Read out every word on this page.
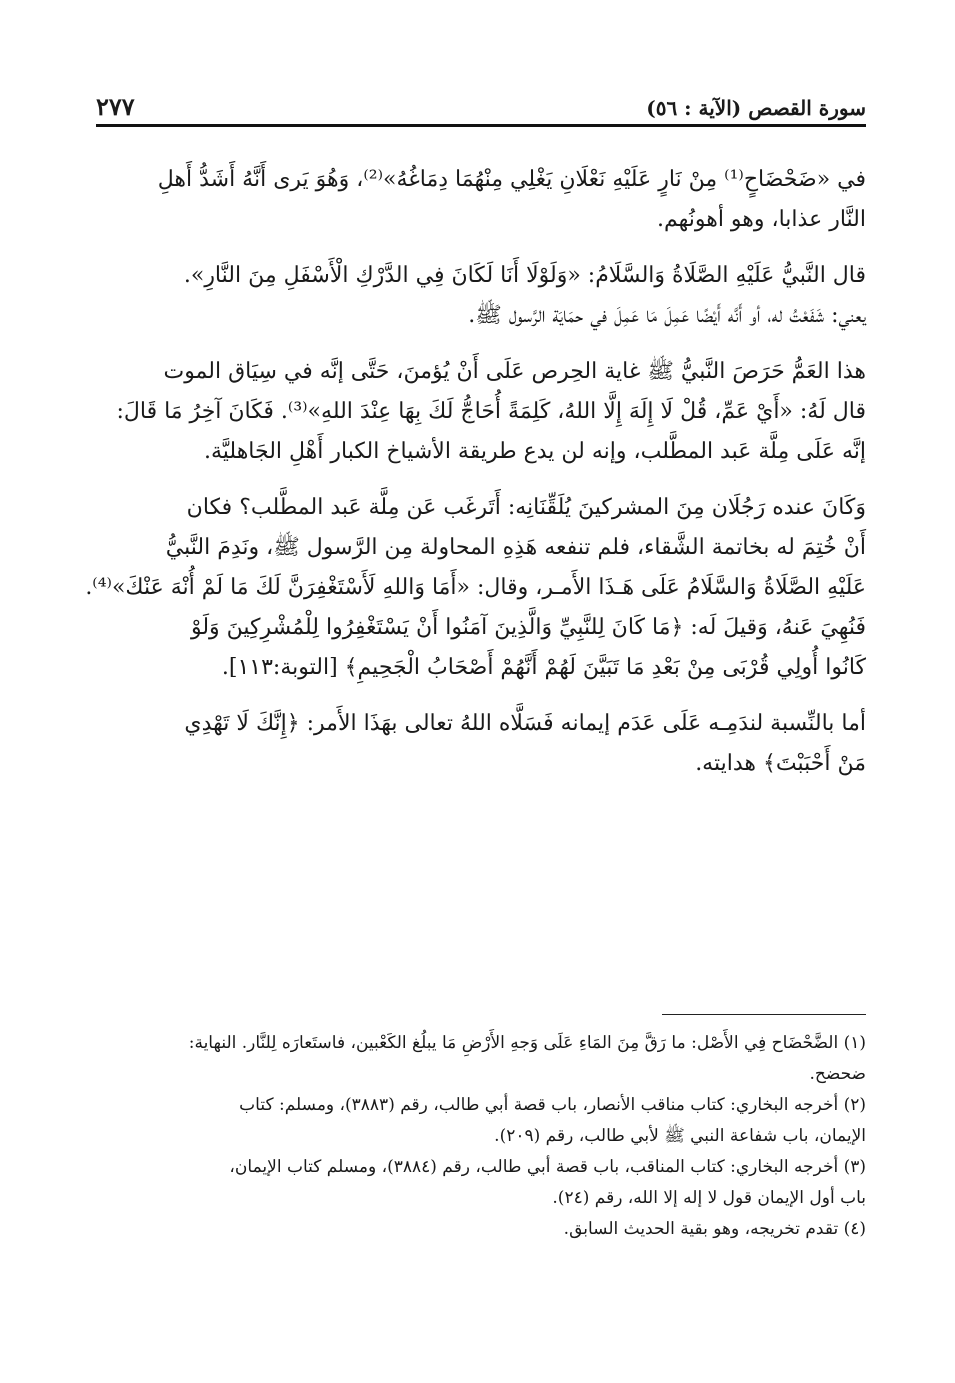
٢٧٧	سورة القصص (الآية : ٥٦)
في «ضَحْضَاحٍ⁽¹⁾ مِنْ نَارٍ عَلَيْهِ نَعْلَانِ يَغْلِي مِنْهُمَا دِمَاغُهُ»⁽²⁾، وَهُوَ يَرى أَنَّهُ أَشَدُّ أَهلِ
النَّار عذابا، وهو أهونُهم.
قال النَّبيُّ عَلَيْهِ الصَّلَاةُ وَالسَّلَامُ: «وَلَوْلَا أَنَا لَكَانَ فِي الدَّرْكِ الْأَسْفَلِ مِنَ النَّارِ».
يعني: شَفَعْتُ له، أو أَنَّه أَيْضًا عَمِلَ مَا عَمِلَ في حمَايَة الرَّسول ﷺ.
هذا العَمُّ حَرَصَ النَّبيُّ ﷺ غاية الحِرص عَلَى أَنْ يُؤمنَ، حَتَّى إنَّه في سِيَاق الموت
قال لَهُ: «أَيْ عَمِّ، قُلْ لَا إِلَهَ إِلَّا اللهُ، كَلِمَةً أُحَاجُّ لَكَ بِهَا عِنْدَ اللهِ»⁽³⁾. فَكَانَ آخِرُ مَا قَالَ:
إنَّه عَلَى مِلَّة عَبد المطَّلب، وإنه لن يدع طريقة الأشياخ الكبار أَهْلِ الجَاهليَّة.
وَكَانَ عنده رَجُلَان مِنَ المشركينَ يُلَقِّنَانِه: أَتَرغَب عَن مِلَّة عَبد المطَّلب؟ فكان
أَنْ خُتِمَ له بخاتمة الشَّقاء، فلم تنفعه هَذِهِ المحاولة مِن الرَّسول ﷺ، ونَدِمَ النَّبيُّ
عَلَيْهِ الصَّلَاةُ وَالسَّلَامُ عَلَى هَـذَا الأَمـر، وقال: «أَمَا وَاللهِ لَأَسْتَغْفِرَنَّ لَكَ مَا لَمْ أُنْهَ عَنْكَ»⁽⁴⁾.
فَنُهِيَ عَنهُ، وَقيلَ لَه: ﴿مَا كَانَ لِلنَّبِيِّ وَالَّذِينَ آمَنُوا أَنْ يَسْتَغْفِرُوا لِلْمُشْرِكِينَ وَلَوْ
كَانُوا أُولِي قُرْبَى مِنْ بَعْدِ مَا تَبَيَّنَ لَهُمْ أَنَّهُمْ أَصْحَابُ الْجَحِيمِ﴾ [التوبة:١١٣].
أما بالنِّسبة لندَمِـه عَلَى عَدَم إيمانه فَسَلَّاه اللهُ تعالى بهَذَا الأَمر: ﴿إِنَّكَ لَا تَهْدِي
مَنْ أَحْبَبْتَ﴾ هدايته.
(١) الضَّحْضَاح فِي الأَصْل: ما رَقَّ مِنَ المَاءِ عَلَى وَجهِ الأَرْضِ مَا يبلُغ الكَعْبين، فاستَعارَه لِلنَّار. النهاية:
ضحضح.
(٢) أخرجه البخاري: كتاب مناقب الأنصار، باب قصة أبي طالب، رقم (٣٨٨٣)، ومسلم: كتاب
الإيمان، باب شفاعة النبي ﷺ لأبي طالب، رقم (٢٠٩).
(٣) أخرجه البخاري: كتاب المناقب، باب قصة أبي طالب، رقم (٣٨٨٤)، ومسلم كتاب الإيمان،
باب أول الإيمان قول لا إله إلا الله، رقم (٢٤).
(٤) تقدم تخريجه، وهو بقية الحديث السابق.
